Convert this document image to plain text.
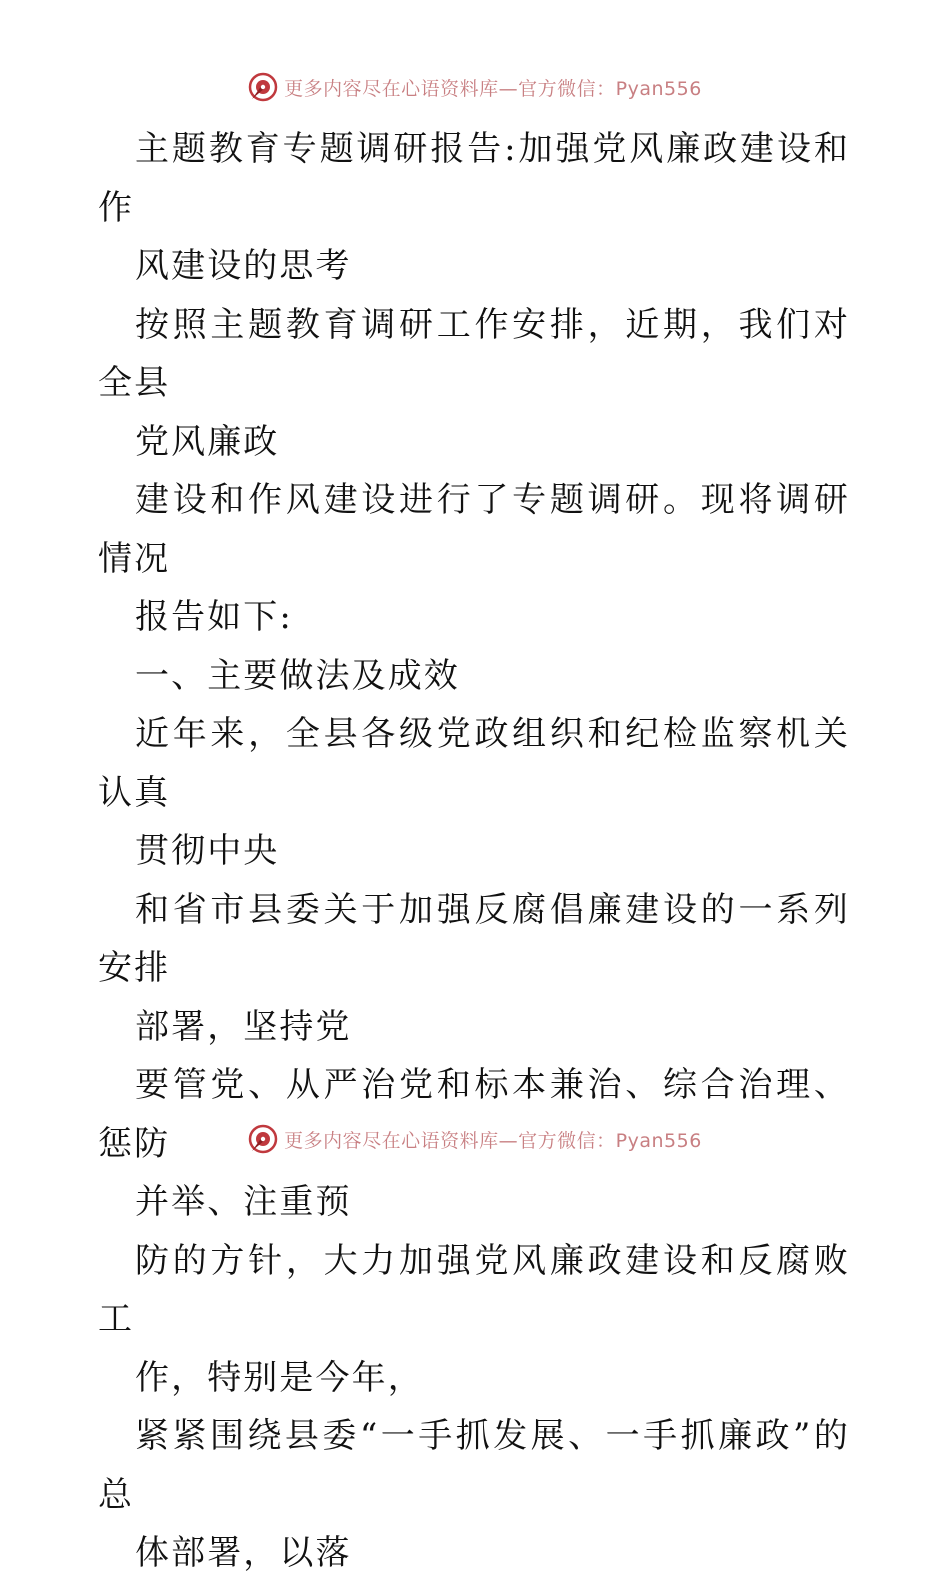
更多内容尽在心语资料库—官方微信：Pyan556

主题教育专题调研报告:加强党风廉政建设和作
风建设的思考

按照主题教育调研工作安排，近期，我们对全县
党风廉政

建设和作风建设进行了专题调研。现将调研情况
报告如下:

一、主要做法及成效

近年来，全县各级党政组织和纪检监察机关认真
贯彻中央

和省市县委关于加强反腐倡廉建设的一系列安排
部署，坚持党

要管党、从严治党和标本兼治、综合治理、惩防
并举、注重预

防的方针，大力加强党风廉政建设和反腐败工
作，特别是今年，

紧紧围绕县委“一手抓发展、一手抓廉政”的总
体部署，以落

更多内容尽在心语资料库—官方微信：Pyan556
